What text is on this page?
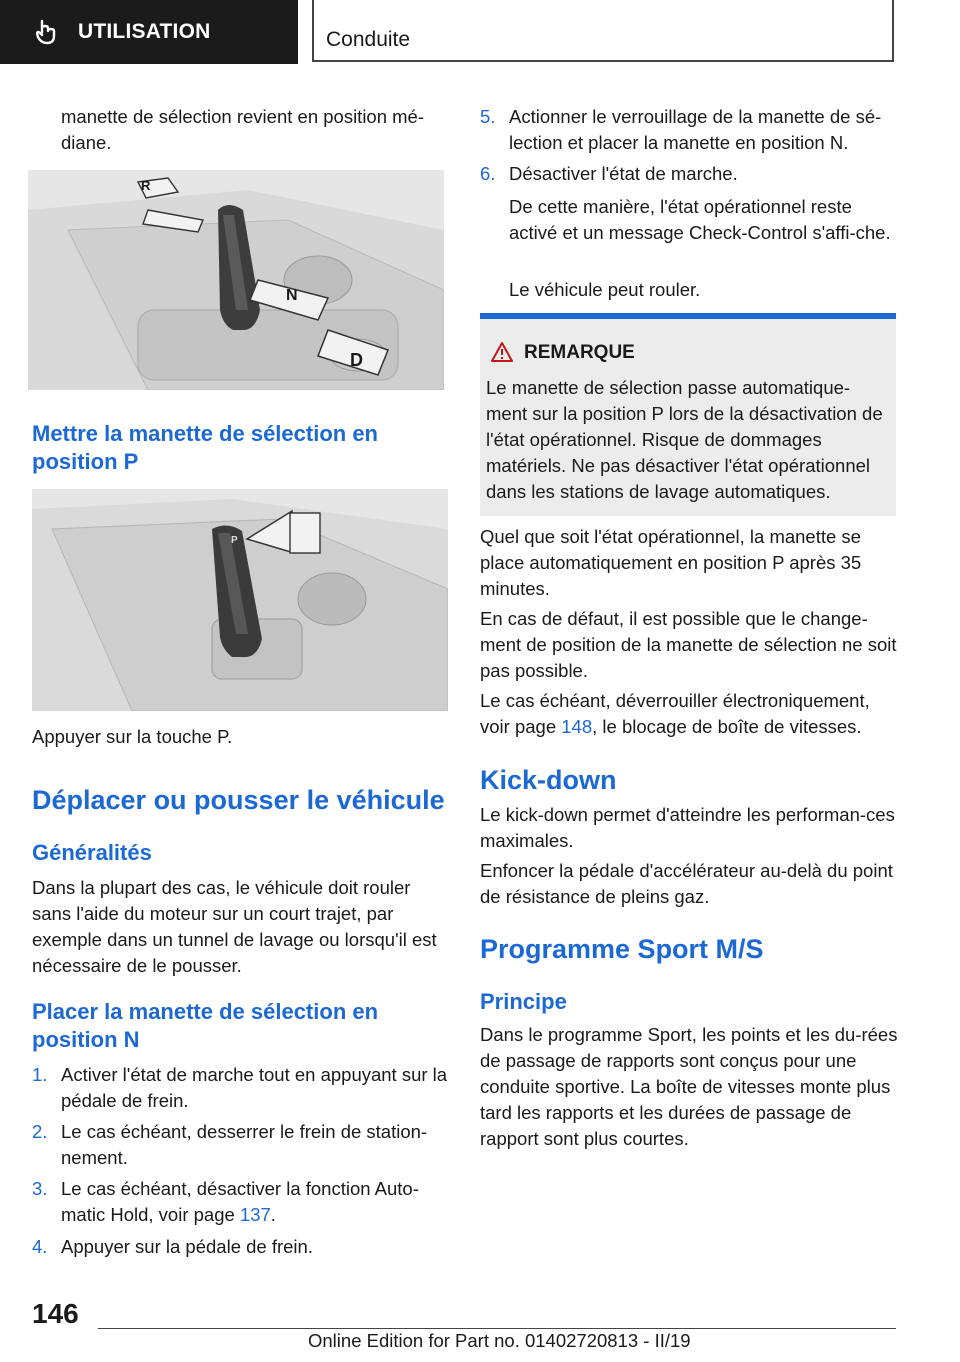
UTILISATION	Conduite

manette de sélection revient en position mé-diane.

R
N
D
Mettre la manette de sélection en position P
P

Appuyer sur la touche P.

Déplacer ou pousser le véhicule
Généralités

Dans la plupart des cas, le véhicule doit rouler sans l'aide du moteur sur un court trajet, par exemple dans un tunnel de lavage ou lorsqu'il est nécessaire de le pousser.

Placer la manette de sélection en position N
1. Activer l'état de marche tout en appuyant sur la pédale de frein.
2. Le cas échéant, desserrer le frein de station-nement.
3. Le cas échéant, désactiver la fonction Auto-matic Hold, voir page 137.
4. Appuyer sur la pédale de frein.
5. Actionner le verrouillage de la manette de sé-lection et placer la manette en position N.
6. Désactiver l'état de marche.

De cette manière, l'état opérationnel reste activé et un message Check-Control s'affi-che.

Le véhicule peut rouler.

REMARQUE
Le manette de sélection passe automatique-ment sur la position P lors de la désactivation de l'état opérationnel. Risque de dommages matériels. Ne pas désactiver l'état opérationnel dans les stations de lavage automatiques.

Quel que soit l'état opérationnel, la manette se place automatiquement en position P après 35 minutes.

En cas de défaut, il est possible que le change-ment de position de la manette de sélection ne soit pas possible.

Le cas échéant, déverrouiller électroniquement, voir page 148, le blocage de boîte de vitesses.

Kick-down

Le kick-down permet d'atteindre les performan-ces maximales.

Enfoncer la pédale d'accélérateur au-delà du point de résistance de pleins gaz.

Programme Sport M/S
Principe

Dans le programme Sport, les points et les du-rées de passage de rapports sont conçus pour une conduite sportive. La boîte de vitesses monte plus tard les rapports et les durées de passage de rapport sont plus courtes.

146
Online Edition for Part no. 01402720813 - II/19
